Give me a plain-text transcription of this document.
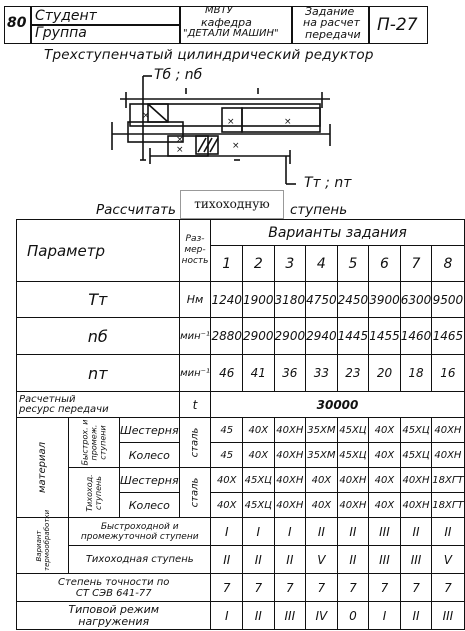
80 Студент
Группа
МВТУ
кафедра
"ДЕТАЛИ МАШИН"
Задание
на расчет
передачи П-27
Трехступенчатый цилиндрический редуктор
×
×
×	×
×	×
Тб ; nб
Тт ; nт
Рассчитать	тихоходную	ступень
Параметр			Раз-мер-ность	Варианты задания							
				1	2	3	4	5	6	7	8
Тт			Нм	1240	1900	3180	4750	2450	3900	6300	9500
nб			мин⁻¹	2880	2900	2900	2940	1445	1455	1460	1465
nт			мин⁻¹	46	41	36	33	23	20	18	16
Расчетный
ресурс передачи			t	30000							
материал	Быстрох. и промеж. ступени	Шестерня	сталь	45	40Х	40ХН	35ХМ	45ХЦ	40Х	45ХЦ	40ХН
		Колесо		45	40Х	40ХН	35ХМ	45ХЦ	40Х	45ХЦ	40ХН
	Тихоход. ступень	Шестерня	сталь	40Х	45ХЦ	40ХН	40Х	40ХН	40Х	40ХН	18ХГТ
		Колесо		40Х	45ХЦ	40ХН	40Х	40ХН	40Х	40ХН	18ХГТ
Вариант термообработки	Быстроходной и промежуточной ступени			I	I	I	II	II	III	II	II
	Тихоходная ступень			II	II	II	V	II	III	III	V
Степень точности по
СТ СЭВ 641-77				7	7	7	7	7	7	7	7
Типовой режим
нагружения				I	II	III	IV	0	I	II	III
